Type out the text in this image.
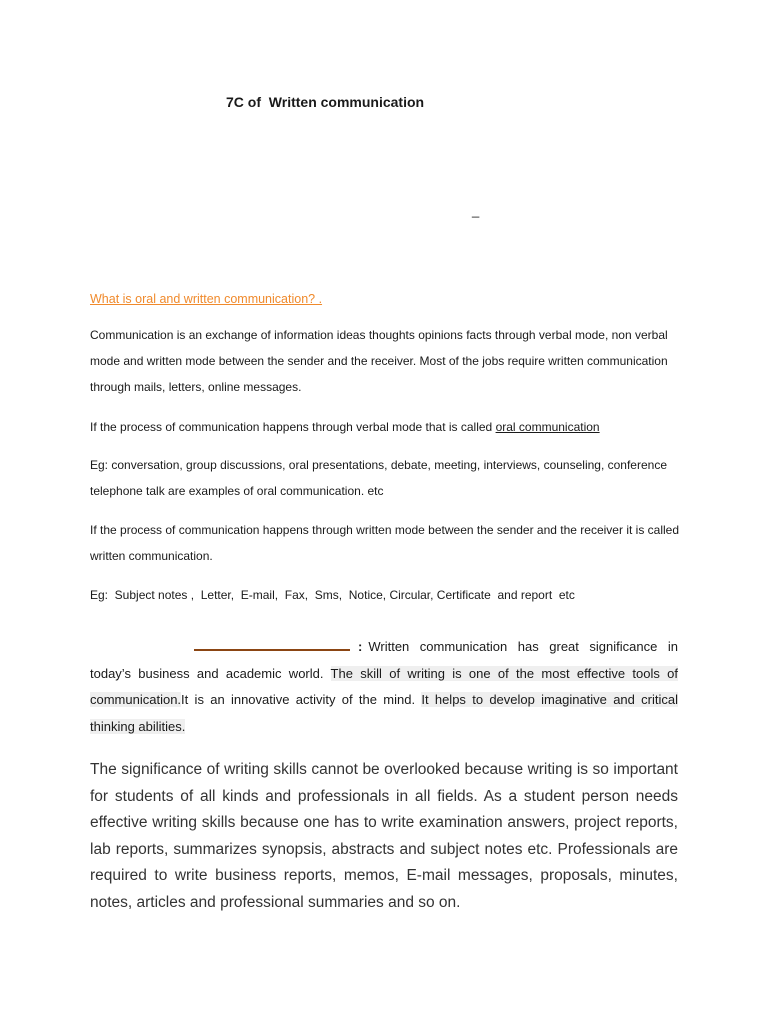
7C of  Written communication
_
What is oral and written communication? .
Communication is an exchange of information ideas thoughts opinions facts through verbal mode, non verbal mode and written mode between the sender and the receiver. Most of the jobs require written communication through mails, letters, online messages.
If the process of communication happens through verbal mode that is called oral communication
Eg: conversation, group discussions, oral presentations, debate, meeting, interviews, counseling, conference telephone talk are examples of oral communication. etc
If the process of communication happens through written mode between the sender and the receiver it is called written communication.
Eg:  Subject notes ,  Letter,  E-mail,  Fax,  Sms,  Notice, Circular, Certificate  and report  etc
: Written communication has great significance in today’s business and academic world. The skill of writing is one of the most effective tools of communication.It is an innovative activity of the mind. It helps to develop imaginative and critical thinking abilities.
The significance of writing skills cannot be overlooked because writing is so important for students of all kinds and professionals in all fields. As a student person needs effective writing skills because one has to write examination answers, project reports, lab reports, summarizes synopsis, abstracts and subject notes etc. Professionals are required to write business reports, memos, E-mail messages, proposals, minutes, notes, articles and professional summaries and so on.
